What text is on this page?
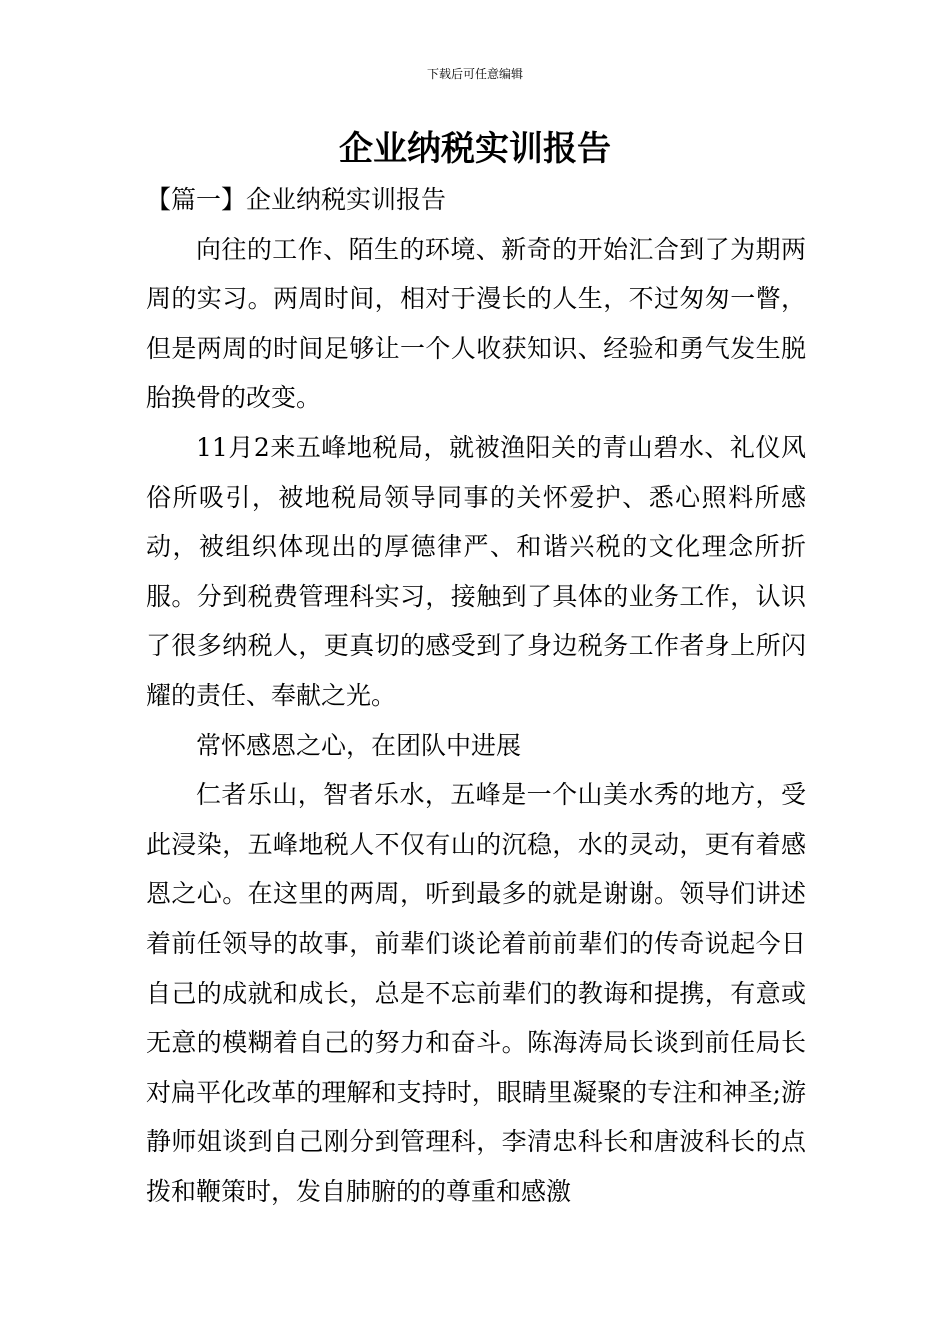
下载后可任意编辑
企业纳税实训报告

【篇一】企业纳税实训报告

向往的工作、陌生的环境、新奇的开始汇合到了为期两周的实习。两周时间，相对于漫长的人生，不过匆匆一瞥，但是两周的时间足够让一个人收获知识、经验和勇气发生脱胎换骨的改变。

11月2来五峰地税局，就被渔阳关的青山碧水、礼仪风俗所吸引，被地税局领导同事的关怀爱护、悉心照料所感动，被组织体现出的厚德律严、和谐兴税的文化理念所折服。分到税费管理科实习，接触到了具体的业务工作，认识了很多纳税人，更真切的感受到了身边税务工作者身上所闪耀的责任、奉献之光。

常怀感恩之心，在团队中进展

仁者乐山，智者乐水，五峰是一个山美水秀的地方，受此浸染，五峰地税人不仅有山的沉稳，水的灵动，更有着感恩之心。在这里的两周，听到最多的就是谢谢。领导们讲述着前任领导的故事，前辈们谈论着前前辈们的传奇说起今日自己的成就和成长，总是不忘前辈们的教诲和提携，有意或无意的模糊着自己的努力和奋斗。陈海涛局长谈到前任局长对扁平化改革的理解和支持时，眼睛里凝聚的专注和神圣;游静师姐谈到自己刚分到管理科，李清忠科长和唐波科长的点拨和鞭策时，发自肺腑的的尊重和感激
